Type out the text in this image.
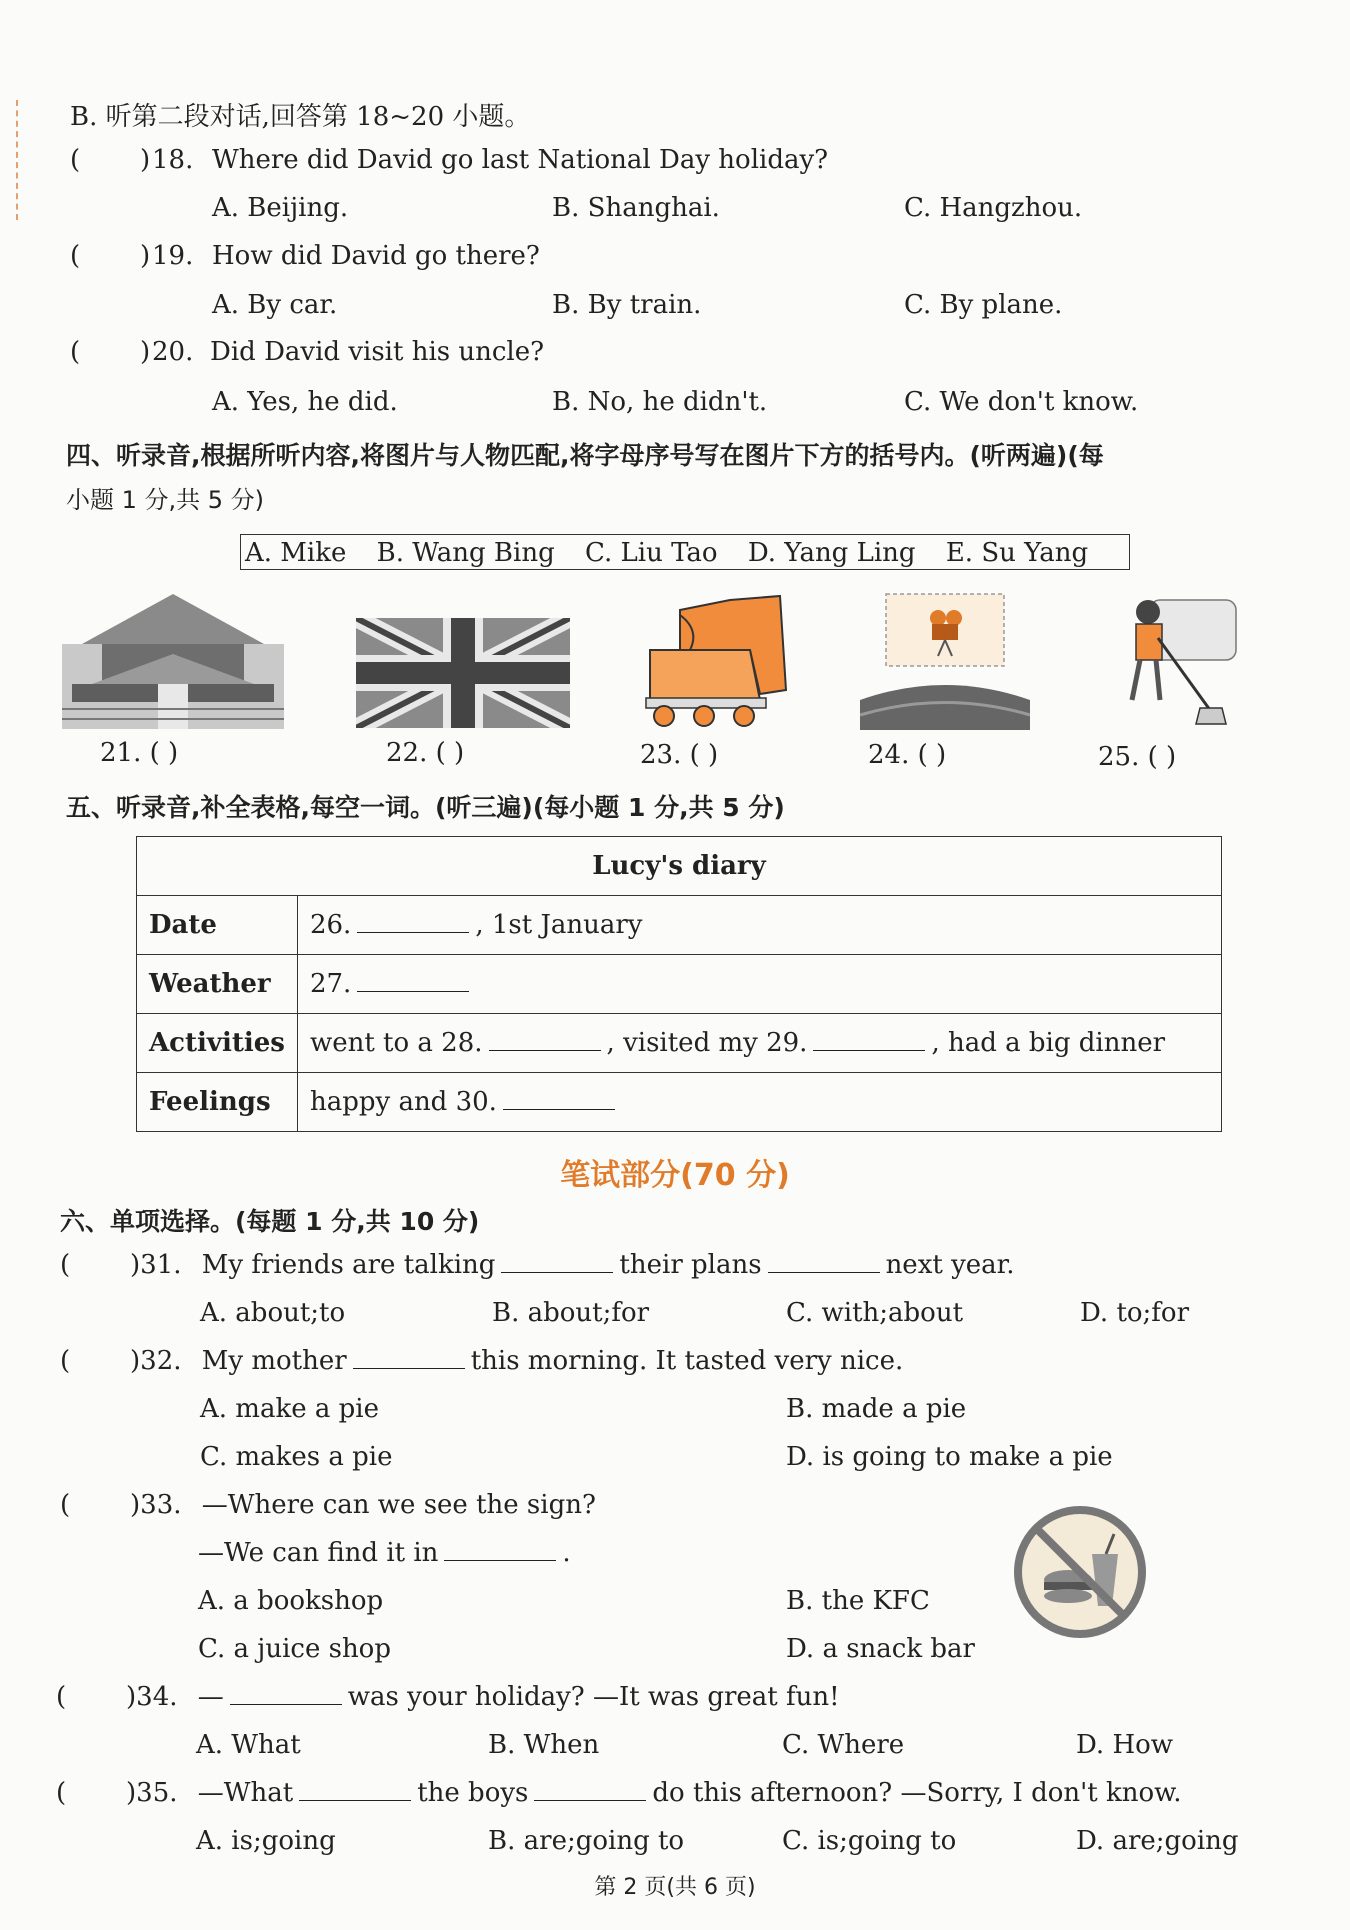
B. 听第二段对话,回答第 18~20 小题。
( ) 18. Where did David go last National Day holiday?
A. Beijing.	B. Shanghai.	C. Hangzhou.
( ) 19. How did David go there?
A. By car.	B. By train.	C. By plane.
( ) 20. Did David visit his uncle?
A. Yes, he did.	B. No, he didn't.	C. We don't know.
四、听录音,根据所听内容,将图片与人物匹配,将字母序号写在图片下方的括号内。(听两遍)(每
小题 1 分,共 5 分)
A. Mike B. Wang Bing C. Liu Tao D. Yang Ling E. Su Yang
21. ( )	22. ( )	23. ( )	24. ( )	25. ( )
五、听录音,补全表格,每空一词。(听三遍)(每小题 1 分,共 5 分)
Lucy's diary	
Date	26. , 1st January
Weather	27.
Activities	went to a 28. , visited my 29. , had a big dinner
Feelings	happy and 30.
笔试部分(70 分)
六、单项选择。(每题 1 分,共 10 分)
( )31. My friends are talking	their plans	next year.
A. about;to	B. about;for	C. with;about	D. to;for
( )32. My mother	this morning. It tasted very nice.
A. make a pie	B. made a pie
C. makes a pie	D. is going to make a pie
( )33. —Where can we see the sign?
—We can find it in	.
A. a bookshop	B. the KFC
C. a juice shop	D. a snack bar
( )34. —	was your holiday? —It was great fun!
A. What	B. When	C. Where	D. How
( )35. —What	the boys	do this afternoon? —Sorry, I don't know.
A. is;going	B. are;going to	C. is;going to	D. are;going
第 2 页(共 6 页)
